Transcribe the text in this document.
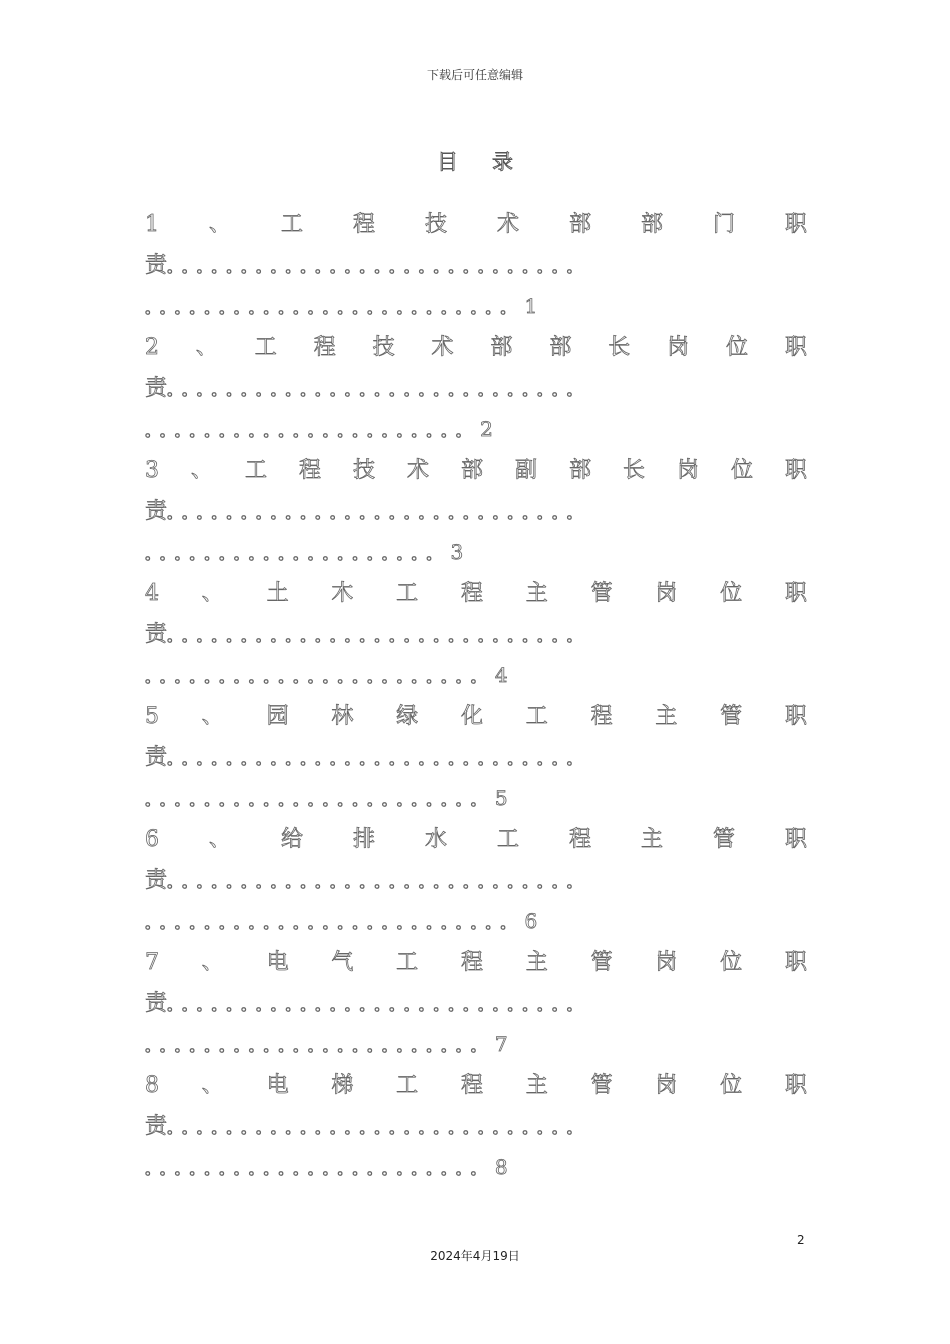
下载后可任意编辑
目录
1 、 工 程 技 术 部 部 门 职
责。。。。。。。。。。。。。。。。。。。。。。。。。。。。
。。。。。。。。。。。。。。。。。。。。。。。。。 1
2 、 工 程 技 术 部 部 长 岗 位 职
责。。。。。。。。。。。。。。。。。。。。。。。。。。。。
。。。。。。。。。。。。。。。。。。。。。。 2
3 、 工 程 技 术 部 副 部 长 岗 位 职
责。。。。。。。。。。。。。。。。。。。。。。。。。。。。
。。。。。。。。。。。。。。。。。。。。 3
4 、 土 木 工 程 主 管 岗 位 职
责。。。。。。。。。。。。。。。。。。。。。。。。。。。。
。。。。。。。。。。。。。。。。。。。。。。。 4
5 、 园 林 绿 化 工 程 主 管 职
责。。。。。。。。。。。。。。。。。。。。。。。。。。。。
。。。。。。。。。。。。。。。。。。。。。。。 5
6 、 给 排 水 工 程 主 管 职
责。。。。。。。。。。。。。。。。。。。。。。。。。。。。
。。。。。。。。。。。。。。。。。。。。。。。。。 6
7 、 电 气 工 程 主 管 岗 位 职
责。。。。。。。。。。。。。。。。。。。。。。。。。。。。
。。。。。。。。。。。。。。。。。。。。。。。 7
8 、 电 梯 工 程 主 管 岗 位 职
责。。。。。。。。。。。。。。。。。。。。。。。。。。。。
。。。。。。。。。。。。。。。。。。。。。。。 8
2
2024年4月19日
